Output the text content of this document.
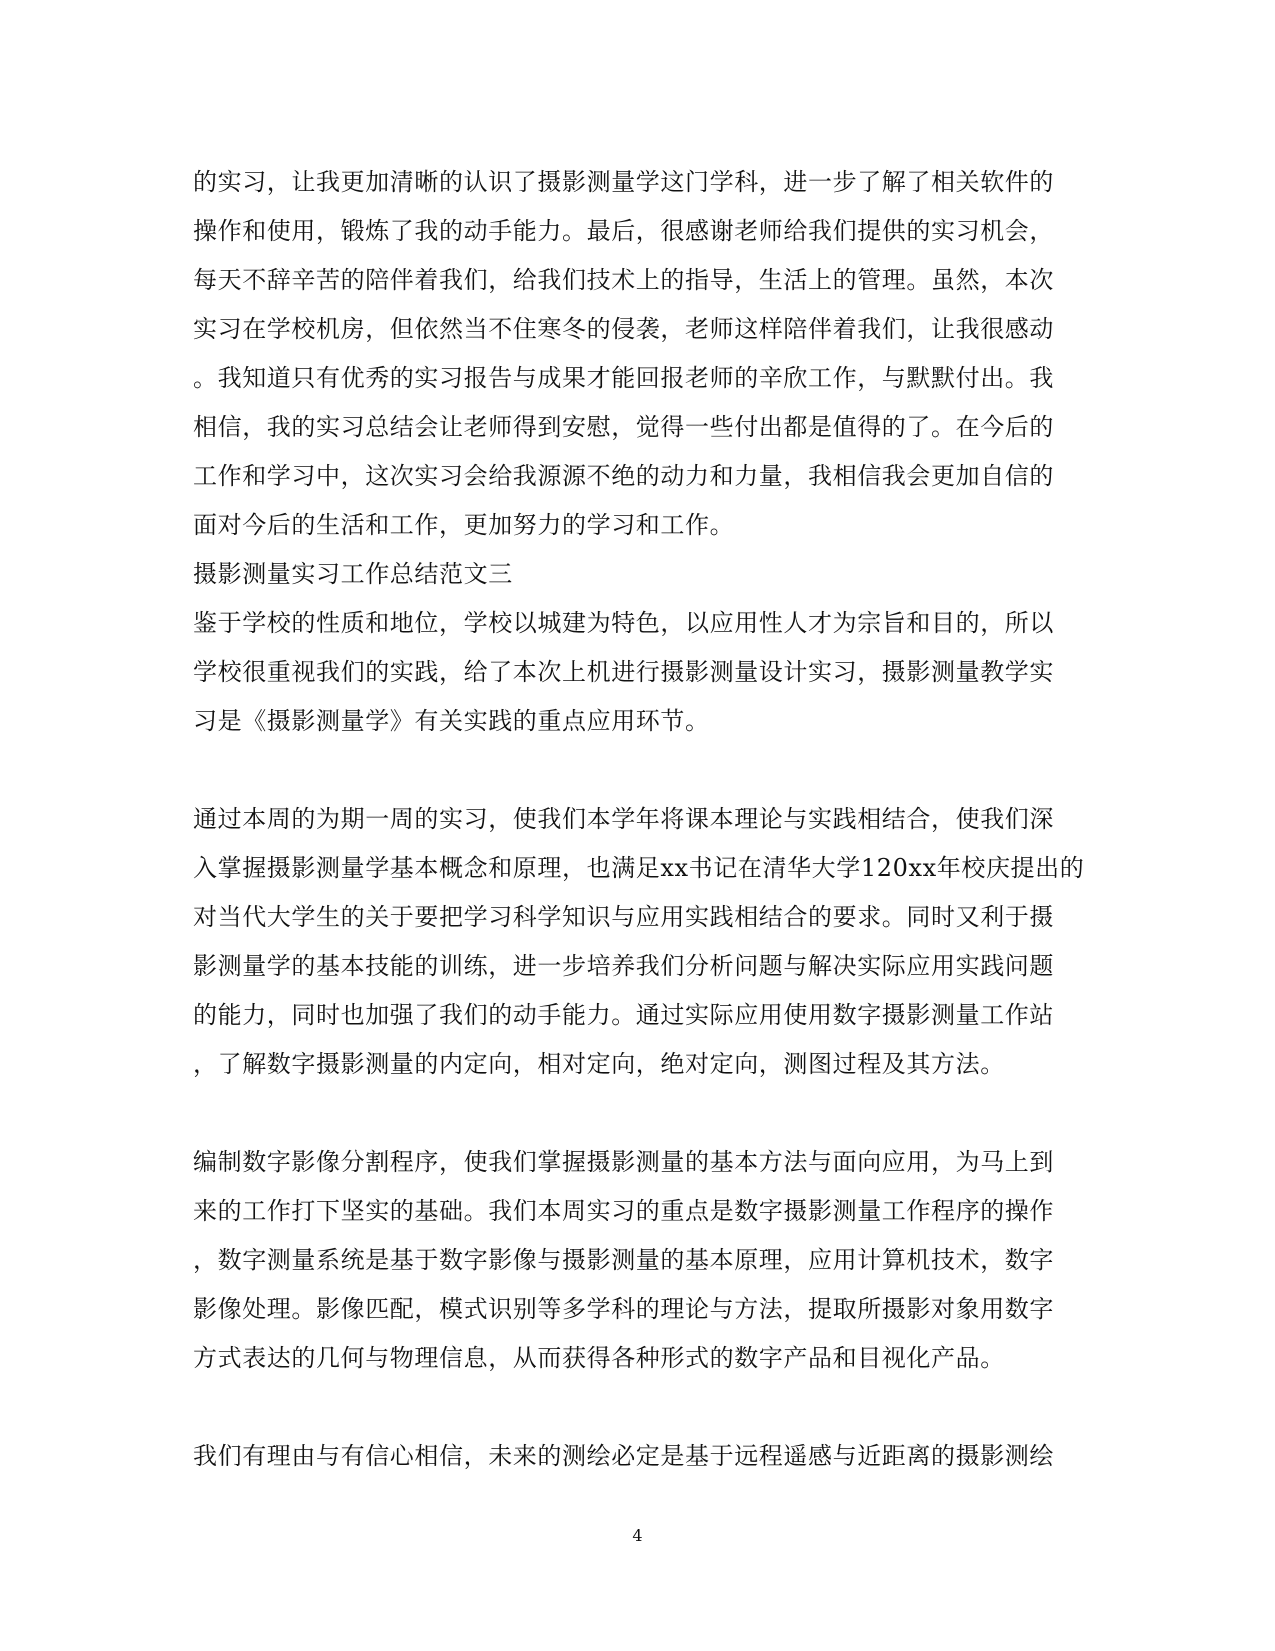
的实习，让我更加清晰的认识了摄影测量学这门学科，进一步了解了相关软件的
操作和使用，锻炼了我的动手能力。最后，很感谢老师给我们提供的实习机会，
每天不辞辛苦的陪伴着我们，给我们技术上的指导，生活上的管理。虽然，本次
实习在学校机房，但依然当不住寒冬的侵袭，老师这样陪伴着我们，让我很感动
。我知道只有优秀的实习报告与成果才能回报老师的辛欣工作，与默默付出。我
相信，我的实习总结会让老师得到安慰，觉得一些付出都是值得的了。在今后的
工作和学习中，这次实习会给我源源不绝的动力和力量，我相信我会更加自信的
面对今后的生活和工作，更加努力的学习和工作。
摄影测量实习工作总结范文三
鉴于学校的性质和地位，学校以城建为特色，以应用性人才为宗旨和目的，所以
学校很重视我们的实践，给了本次上机进行摄影测量设计实习，摄影测量教学实
习是《摄影测量学》有关实践的重点应用环节。
通过本周的为期一周的实习，使我们本学年将课本理论与实践相结合，使我们深
入掌握摄影测量学基本概念和原理，也满足xx书记在清华大学120xx年校庆提出的
对当代大学生的关于要把学习科学知识与应用实践相结合的要求。同时又利于摄
影测量学的基本技能的训练，进一步培养我们分析问题与解决实际应用实践问题
的能力，同时也加强了我们的动手能力。通过实际应用使用数字摄影测量工作站
，了解数字摄影测量的内定向，相对定向，绝对定向，测图过程及其方法。
编制数字影像分割程序，使我们掌握摄影测量的基本方法与面向应用，为马上到
来的工作打下坚实的基础。我们本周实习的重点是数字摄影测量工作程序的操作
，数字测量系统是基于数字影像与摄影测量的基本原理，应用计算机技术，数字
影像处理。影像匹配，模式识别等多学科的理论与方法，提取所摄影对象用数字
方式表达的几何与物理信息，从而获得各种形式的数字产品和目视化产品。
我们有理由与有信心相信，未来的测绘必定是基于远程遥感与近距离的摄影测绘
4
